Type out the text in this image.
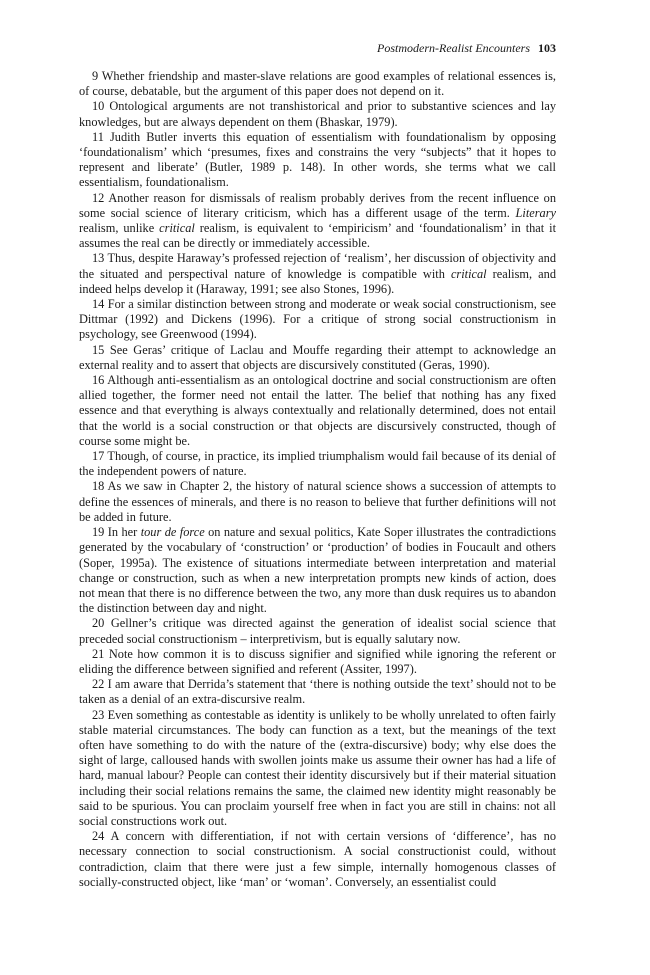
Postmodern-Realist Encounters 103

9 Whether friendship and master-slave relations are good examples of relational essences is, of course, debatable, but the argument of this paper does not depend on it.

10 Ontological arguments are not transhistorical and prior to substantive sciences and lay knowledges, but are always dependent on them (Bhaskar, 1979).

11 Judith Butler inverts this equation of essentialism with foundationalism by opposing ‘foundationalism’ which ‘presumes, fixes and constrains the very “subjects” that it hopes to represent and liberate’ (Butler, 1989 p. 148). In other words, she terms what we call essentialism, foundationalism.

12 Another reason for dismissals of realism probably derives from the recent influence on some social science of literary criticism, which has a different usage of the term. Literary realism, unlike critical realism, is equivalent to ‘empiricism’ and ‘foundationalism’ in that it assumes the real can be directly or immediately accessible.

13 Thus, despite Haraway’s professed rejection of ‘realism’, her discussion of objectivity and the situated and perspectival nature of knowledge is compatible with critical realism, and indeed helps develop it (Haraway, 1991; see also Stones, 1996).

14 For a similar distinction between strong and moderate or weak social constructionism, see Dittmar (1992) and Dickens (1996). For a critique of strong social constructionism in psychology, see Greenwood (1994).

15 See Geras’ critique of Laclau and Mouffe regarding their attempt to acknowledge an external reality and to assert that objects are discursively constituted (Geras, 1990).

16 Although anti-essentialism as an ontological doctrine and social constructionism are often allied together, the former need not entail the latter. The belief that nothing has any fixed essence and that everything is always contextually and relationally determined, does not entail that the world is a social construction or that objects are discursively constructed, though of course some might be.

17 Though, of course, in practice, its implied triumphalism would fail because of its denial of the independent powers of nature.

18 As we saw in Chapter 2, the history of natural science shows a succession of attempts to define the essences of minerals, and there is no reason to believe that further definitions will not be added in future.

19 In her tour de force on nature and sexual politics, Kate Soper illustrates the contradictions generated by the vocabulary of ‘construction’ or ‘production’ of bodies in Foucault and others (Soper, 1995a). The existence of situations intermediate between interpretation and material change or construction, such as when a new interpretation prompts new kinds of action, does not mean that there is no difference between the two, any more than dusk requires us to abandon the distinction between day and night.

20 Gellner’s critique was directed against the generation of idealist social science that preceded social constructionism – interpretivism, but is equally salutary now.

21 Note how common it is to discuss signifier and signified while ignoring the referent or eliding the difference between signified and referent (Assiter, 1997).

22 I am aware that Derrida’s statement that ‘there is nothing outside the text’ should not to be taken as a denial of an extra-discursive realm.

23 Even something as contestable as identity is unlikely to be wholly unrelated to often fairly stable material circumstances. The body can function as a text, but the meanings of the text often have something to do with the nature of the (extra-discursive) body; why else does the sight of large, calloused hands with swollen joints make us assume their owner has had a life of hard, manual labour? People can contest their identity discursively but if their material situation including their social relations remains the same, the claimed new identity might reasonably be said to be spurious. You can proclaim yourself free when in fact you are still in chains: not all social constructions work out.

24 A concern with differentiation, if not with certain versions of ‘difference’, has no necessary connection to social constructionism. A social constructionist could, without contradiction, claim that there were just a few simple, internally homogenous classes of socially-constructed object, like ‘man’ or ‘woman’. Conversely, an essentialist could
